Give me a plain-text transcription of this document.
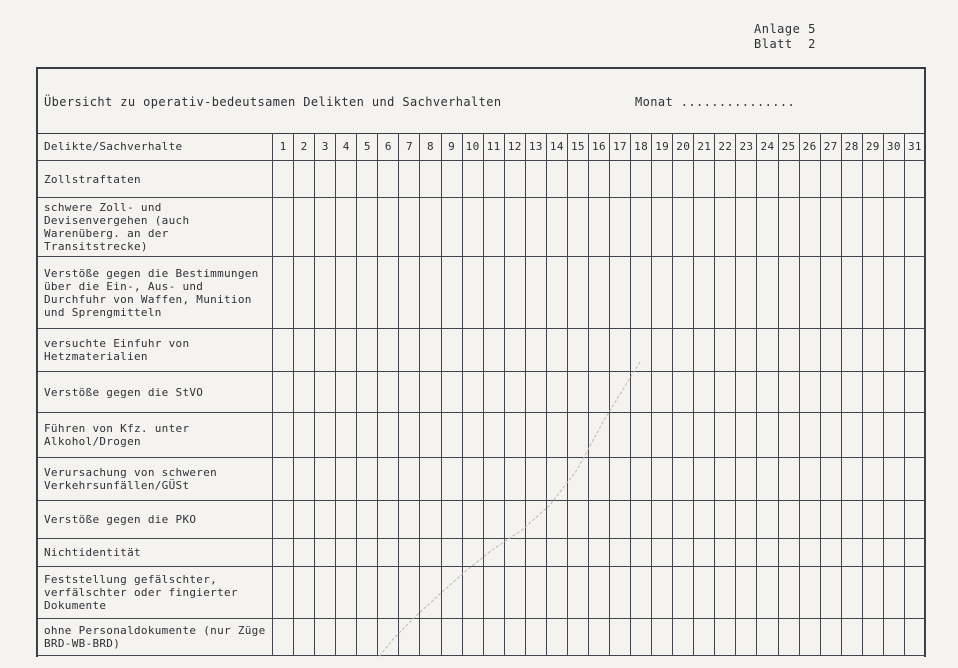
Anlage 5
Blatt  2
Übersicht zu operativ-bedeutsamen Delikten und Sachverhalten	Monat ...............
Delikte/Sachverhalte	1	2	3	4	5	6	7	8	9	10	11	12	13	14	15	16	17	18	19	20	21	22	23	24	25	26	27	28	29	30	31
Zollstraftaten																															
schwere Zoll- und Devisenvergehen (auch Warenüberg. an der Transitstrecke)																															
Verstöße gegen die Bestimmungen über die Ein-, Aus- und Durchfuhr von Waffen, Munition und Sprengmitteln																															
versuchte Einfuhr von Hetzmaterialien																															
Verstöße gegen die StVO																															
Führen von Kfz. unter Alkohol/Drogen																															
Verursachung von schweren Verkehrsunfällen/GÜSt																															
Verstöße gegen die PKO																															
Nichtidentität																															
Feststellung gefälschter, verfälschter oder fingierter Dokumente																															
ohne Personaldokumente (nur Züge BRD-WB-BRD)																															
